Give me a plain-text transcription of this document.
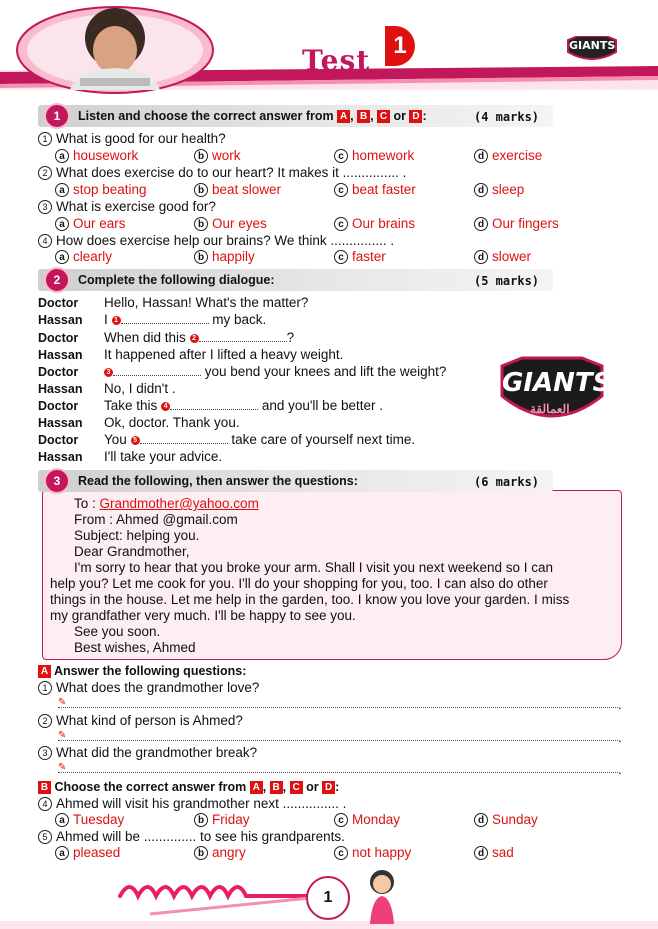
Test 1	GIANTS
1	Listen and choose the correct answer from A , B , C or D :	(4 marks)
1 What is good for our health?
a housework	b work	c homework	d exercise
2 What does exercise do to our heart? It makes it ............... .
a stop beating	b beat slower	c beat faster	d sleep
3 What is exercise good for?
a Our ears	b Our eyes	c Our brains	d Our fingers
4 How does exercise help our brains? We think ............... .
a clearly	b happily	c faster	d slower
2	Complete the following dialogue:	(5 marks)
Doctor Hello, Hassan! What's the matter?
Hassan I 1	my back.
Doctor When did this 2	?
Hassan It happened after I lifted a heavy weight.
Doctor	3	you bend your knees and lift the weight?
Hassan No, I didn't .
Doctor Take this 4	and you'll be better .
Hassan Ok, doctor. Thank you.
Doctor You 5	take care of yourself next time.
Hassan I'll take your advice.
GIANTS
العمالقة
3	Read the following, then answer the questions:	(6 marks)
To : Grandmother@yahoo.com
From : Ahmed @gmail.com
Subject: helping you.
Dear Grandmother,
I'm sorry to hear that you broke your arm. Shall I visit you next weekend so I can
help you? Let me cook for you. I'll do your shopping for you, too. I can also do other
things in the house. Let me help in the garden, too. I know you love your garden. I miss
my grandfather very much. I'll be happy to see you.
See you soon.
Best wishes, Ahmed
A Answer the following questions:
1 What does the grandmother love?
✎	.
2 What kind of person is Ahmed?
✎	.
3 What did the grandmother break?
✎	.
B Choose the correct answer from A , B , C or D :
4 Ahmed will visit his grandmother next ............... .
a Tuesday	b Friday	c Monday	d Sunday
5 Ahmed will be .............. to see his grandparents.
a pleased	b angry	c not happy	d sad
1
